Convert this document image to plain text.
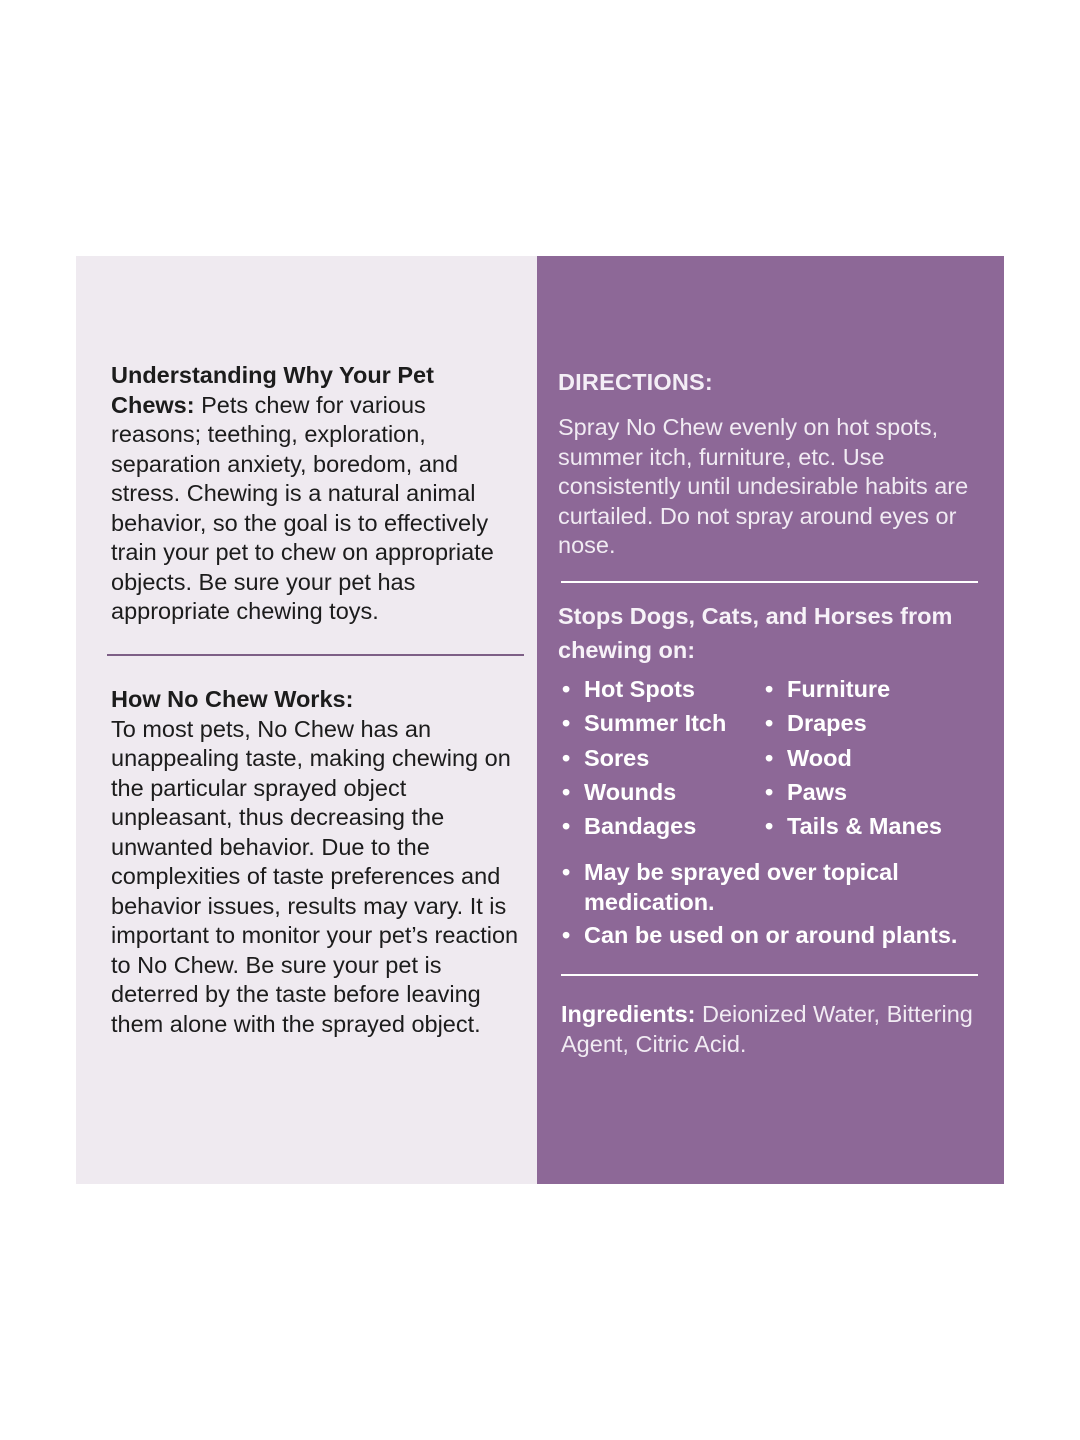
Understanding Why Your Pet Chews: Pets chew for various reasons; teething, exploration, separation anxiety, boredom, and stress. Chewing is a natural animal behavior, so the goal is to effectively train your pet to chew on appropriate objects. Be sure your pet has appropriate chewing toys.

How No Chew Works:
To most pets, No Chew has an unappealing taste, making chewing on the particular sprayed object unpleasant, thus decreasing the unwanted behavior. Due to the complexities of taste preferences and behavior issues, results may vary. It is important to monitor your pet’s reaction to No Chew. Be sure your pet is deterred by the taste before leaving them alone with the sprayed object.

DIRECTIONS:

Spray No Chew evenly on hot spots, summer itch, furniture, etc. Use consistently until undesirable habits are curtailed. Do not spray around eyes or nose.

Stops Dogs, Cats, and Horses from chewing on:

• Hot Spots
• Summer Itch
• Sores
• Wounds
• Bandages
• Furniture
• Drapes
• Wood
• Paws
• Tails & Manes
• May be sprayed over topical medication.
• Can be used on or around plants.

Ingredients: Deionized Water, Bittering Agent, Citric Acid.
